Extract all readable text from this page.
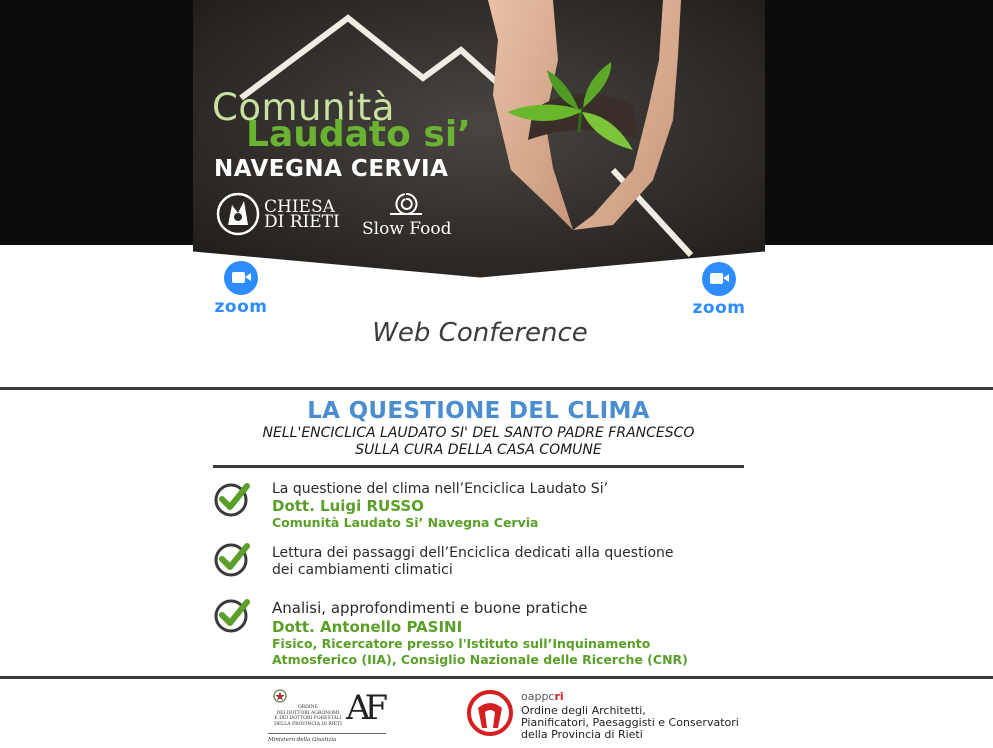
Comunità
Laudato si’
NAVEGNA CERVIA
CHIESA
DI RIETI Slow Food
zoom	zoom
Web Conference
LA QUESTIONE DEL CLIMA
NELL'ENCICLICA LAUDATO SI' DEL SANTO PADRE FRANCESCO
SULLA CURA DELLA CASA COMUNE
La questione del clima nell’Enciclica Laudato Si’
Dott. Luigi RUSSO
Comunità Laudato Si’ Navegna Cervia
Lettura dei passaggi dell’Enciclica dedicati alla questione
dei cambiamenti climatici
Analisi, approfondimenti e buone pratiche
Dott. Antonello PASINI
Fisico, Ricercatore presso l'Istituto sull’Inquinamento
Atmosferico (IIA), Consiglio Nazionale delle Ricerche (CNR)
ORDINE
DEI DOTTORI AGRONOMI
E DEI DOTTORI FORESTALI
DELLA PROVINCIA DI RIETI AF
Ministero della Giustizia
oappcri
Ordine degli Architetti,
Pianificatori, Paesaggisti e Conservatori
della Provincia di Rieti
